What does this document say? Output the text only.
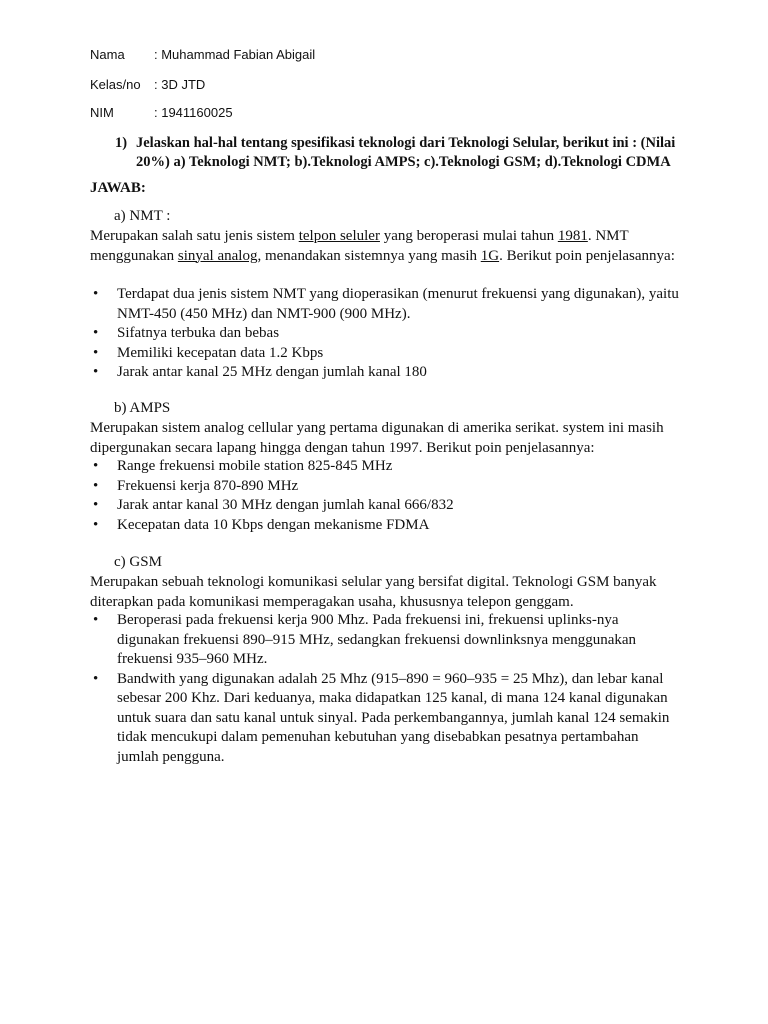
Nama : Muhammad Fabian Abigail
Kelas/no : 3D JTD
NIM	: 1941160025
1) Jelaskan hal-hal tentang spesifikasi teknologi dari Teknologi Selular, berikut ini : (Nilai 20%) a) Teknologi NMT; b).Teknologi AMPS; c).Teknologi GSM; d).Teknologi CDMA
JAWAB:
a) NMT :
Merupakan salah satu jenis sistem telpon seluler yang beroperasi mulai tahun 1981. NMT menggunakan sinyal analog, menandakan sistemnya yang masih 1G. Berikut poin penjelasannya:
• Terdapat dua jenis sistem NMT yang dioperasikan (menurut frekuensi yang digunakan), yaitu NMT-450 (450 MHz) dan NMT-900 (900 MHz).
• Sifatnya terbuka dan bebas
• Memiliki kecepatan data 1.2 Kbps
• Jarak antar kanal 25 MHz dengan jumlah kanal 180
b) AMPS
Merupakan sistem analog cellular yang pertama digunakan di amerika serikat. system ini masih dipergunakan secara lapang hingga dengan tahun 1997. Berikut poin penjelasannya:
• Range frekuensi mobile station 825-845 MHz
• Frekuensi kerja 870-890 MHz
• Jarak antar kanal 30 MHz dengan jumlah kanal 666/832
• Kecepatan data 10 Kbps dengan mekanisme FDMA
c) GSM
Merupakan sebuah teknologi komunikasi selular yang bersifat digital. Teknologi GSM banyak diterapkan pada komunikasi memperagakan usaha, khususnya telepon genggam.
• Beroperasi pada frekuensi kerja 900 Mhz. Pada frekuensi ini, frekuensi uplinks-nya digunakan frekuensi 890–915 MHz, sedangkan frekuensi downlinksnya menggunakan frekuensi 935–960 MHz.
• Bandwith yang digunakan adalah 25 Mhz (915–890 = 960–935 = 25 Mhz), dan lebar kanal sebesar 200 Khz. Dari keduanya, maka didapatkan 125 kanal, di mana 124 kanal digunakan untuk suara dan satu kanal untuk sinyal. Pada perkembangannya, jumlah kanal 124 semakin tidak mencukupi dalam pemenuhan kebutuhan yang disebabkan pesatnya pertambahan jumlah pengguna.
